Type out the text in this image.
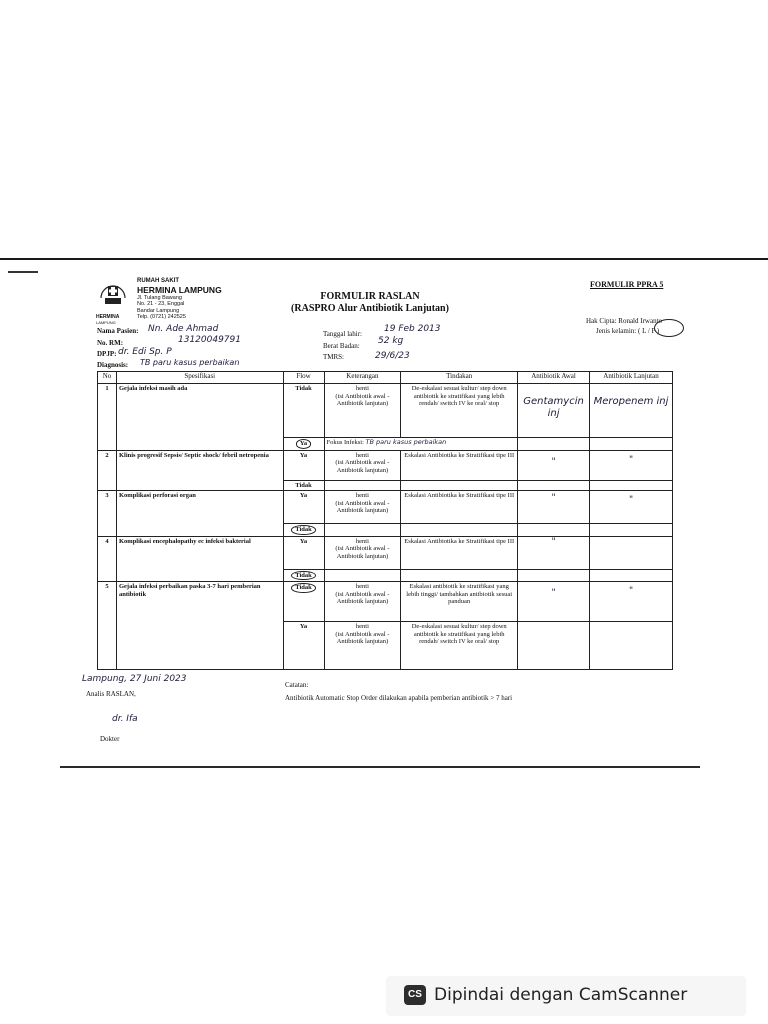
HERMINA
LAMPUNG
RUMAH SAKIT
HERMINA LAMPUNG
Jl. Tulang Bawang
No. 21 - 23, Enggal
Bandar Lampung
Telp. (0721) 242525
FORMULIR RASLAN
(RASPRO Alur Antibiotik Lanjutan)
FORMULIR PPRA 5
Hak Cipta: Ronald Irwanto
Jenis kelamin: ( L / P )
Nama Pasien: Nn. Ade Ahmad
No. RM:	13120049791
DPJP: dr. Edi Sp. P
Diagnosis: TB paru kasus perbaikan
Tanggal lahir: 19 Feb 2013
Berat Badan: 52 kg
TMRS:	29/6/23
No	Spesifikasi	Flow	Keterangan	Tindakan	Antibiotik Awal	Antibiotik Lanjutan
1	Gejala infeksi masih ada	Tidak	henti
(isi Antibiotik awal -
Antibiotik lanjutan)	De-eskalasi sesuai kultur/ step down antibiotik ke stratifikasi yang lebih rendah/ switch IV ke oral/ stop	Gentamycin inj	Meropenem inj
		Ya	Fokus Infeksi: TB paru kasus perbaikan			
2	Klinis progresif Sepsis/ Septic shock/ febril netropenia	Ya	henti
(isi Antibiotik awal -
Antibiotik lanjutan)	Eskalasi Antibiotika ke Stratifikasi tipe III	"	"
		Tidak				
3	Komplikasi perforasi organ	Ya	henti
(isi Antibiotik awal -
Antibiotik lanjutan)	Eskalasi Antibiotika ke Stratifikasi tipe III	"	"
		Tidak				
4	Komplikasi encephalopathy ec infeksi bakterial	Ya	henti
(isi Antibiotik awal -
Antibiotik lanjutan)	Eskalasi Antibiotika ke Stratifikasi tipe III	"	
		Tidak				
5	Gejala infeksi perbaikan paska 3-7 hari pemberian antibiotik	Tidak	henti
(isi Antibiotik awal -
Antibiotik lanjutan)	Eskalasi antibiotik ke stratifikasi yang lebih tinggi/ tambahkan antibiotik sesuai panduan	"	"
		Ya	henti
(isi Antibiotik awal -
Antibiotik lanjutan)	De-eskalasi sesuai kultur/ step down antibiotik ke stratifikasi yang lebih rendah/ switch IV ke oral/ stop		
Lampung, 27 Juni 2023
Analis RASLAN,
dr. Ifa
Dokter
Catatan:
Antibiotik Automatic Stop Order dilakukan apabila pemberian antibiotik > 7 hari
CS Dipindai dengan CamScanner
